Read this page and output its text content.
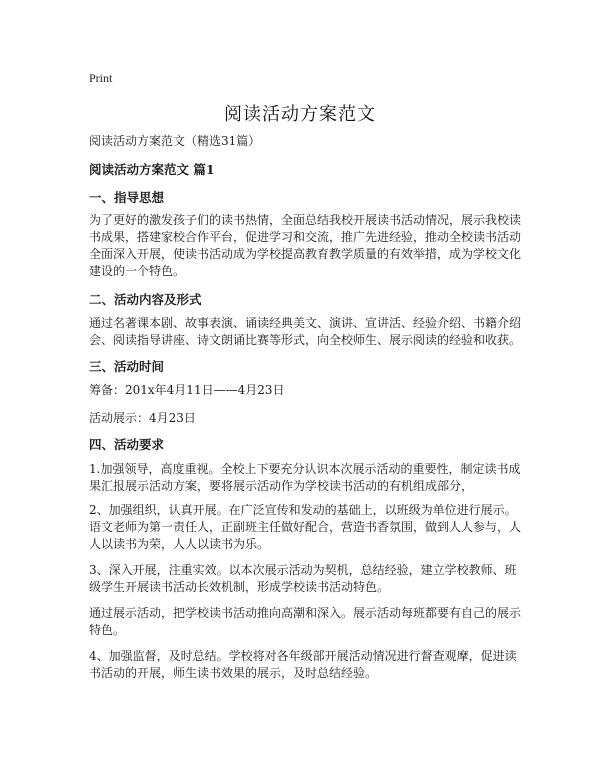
Print
阅读活动方案范文
阅读活动方案范文（精选31篇）
阅读活动方案范文 篇1
一、指导思想
为了更好的激发孩子们的读书热情，全面总结我校开展读书活动情况，展示我校读书成果，搭建家校合作平台，促进学习和交流，推广先进经验，推动全校读书活动全面深入开展，使读书活动成为学校提高教育教学质量的有效举措，成为学校文化建设的一个特色。
二、活动内容及形式
通过名著课本剧、故事表演、诵读经典美文、演讲、宣讲活、经验介绍、书籍介绍会、阅读指导讲座、诗文朗诵比赛等形式，向全校师生、展示阅读的经验和收获。
三、活动时间
筹备：201x年4月11日——4月23日
活动展示：4月23日
四、活动要求
1.加强领导，高度重视。全校上下要充分认识本次展示活动的重要性，制定读书成果汇报展示活动方案，要将展示活动作为学校读书活动的有机组成部分，
2、加强组织，认真开展。在广泛宣传和发动的基础上，以班级为单位进行展示。语文老师为第一责任人，正副班主任做好配合，营造书香氛围，做到人人参与，人人以读书为荣，人人以读书为乐。
3、深入开展，注重实效。以本次展示活动为契机，总结经验，建立学校教师、班级学生开展读书活动长效机制，形成学校读书活动特色。
通过展示活动，把学校读书活动推向高潮和深入。展示活动每班都要有自己的展示特色。
4、加强监督，及时总结。学校将对各年级部开展活动情况进行督查观摩，促进读书活动的开展，师生读书效果的展示，及时总结经验。
